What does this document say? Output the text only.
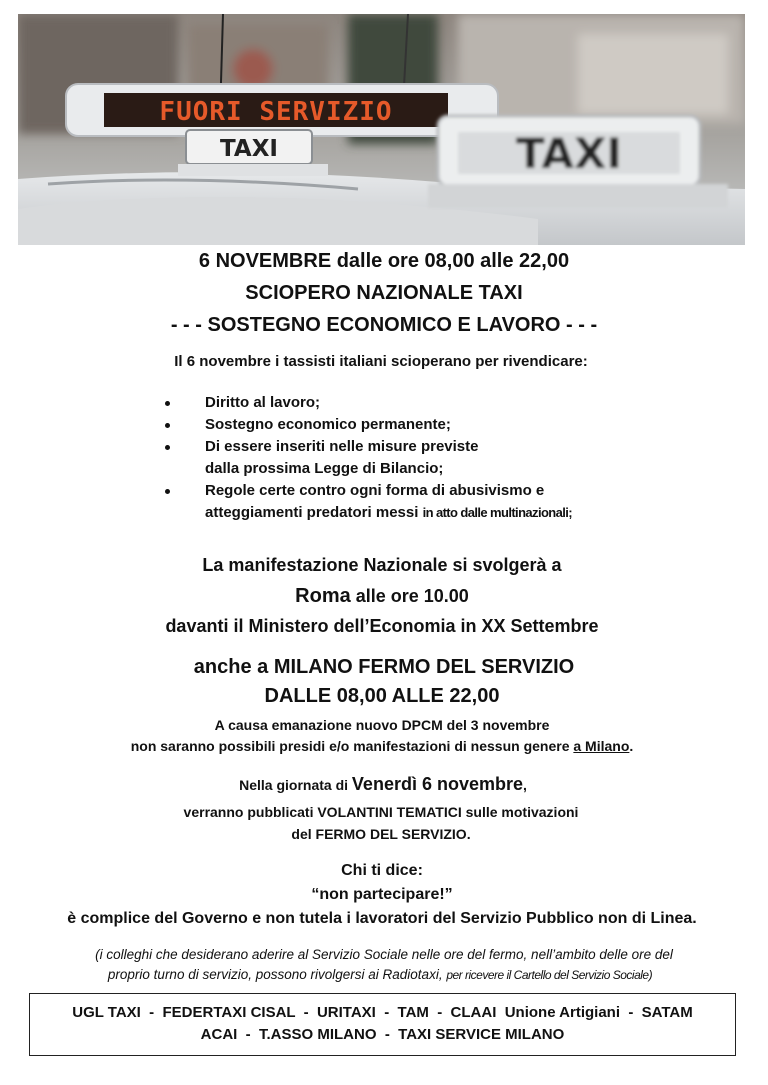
FUORI SERVIZIO
TAXI	TAXI
6 NOVEMBRE dalle ore 08,00 alle 22,00
SCIOPERO NAZIONALE TAXI
- - - SOSTEGNO ECONOMICO E LAVORO - - -
Il 6 novembre i tassisti italiani scioperano per rivendicare:
Diritto al lavoro;
Sostegno economico permanente;
Di essere inseriti nelle misure previste
dalla prossima Legge di Bilancio;
Regole certe contro ogni forma di abusivismo e
atteggiamenti predatori messi in atto dalle multinazionali;
La manifestazione Nazionale si svolgerà a
Roma alle ore 10.00
davanti il Ministero dell’Economia in XX Settembre
anche a MILANO FERMO DEL SERVIZIO
DALLE 08,00 ALLE 22,00
A causa emanazione nuovo DPCM del 3 novembre
non saranno possibili presidi e/o manifestazioni di nessun genere a Milano.
Nella giornata di Venerdì 6 novembre,
verranno pubblicati VOLANTINI TEMATICI sulle motivazioni
del FERMO DEL SERVIZIO.
Chi ti dice:
“non partecipare!”
è complice del Governo e non tutela i lavoratori del Servizio Pubblico non di Linea.
(i colleghi che desiderano aderire al Servizio Sociale nelle ore del fermo, nell’ambito delle ore del
proprio turno di servizio, possono rivolgersi ai Radiotaxi, per ricevere il Cartello del Servizio Sociale)
UGL TAXI  -  FEDERTAXI CISAL  -  URITAXI  -  TAM  -  CLAAI  Unione Artigiani  -  SATAM
ACAI  -  T.ASSO MILANO  -  TAXI SERVICE MILANO
